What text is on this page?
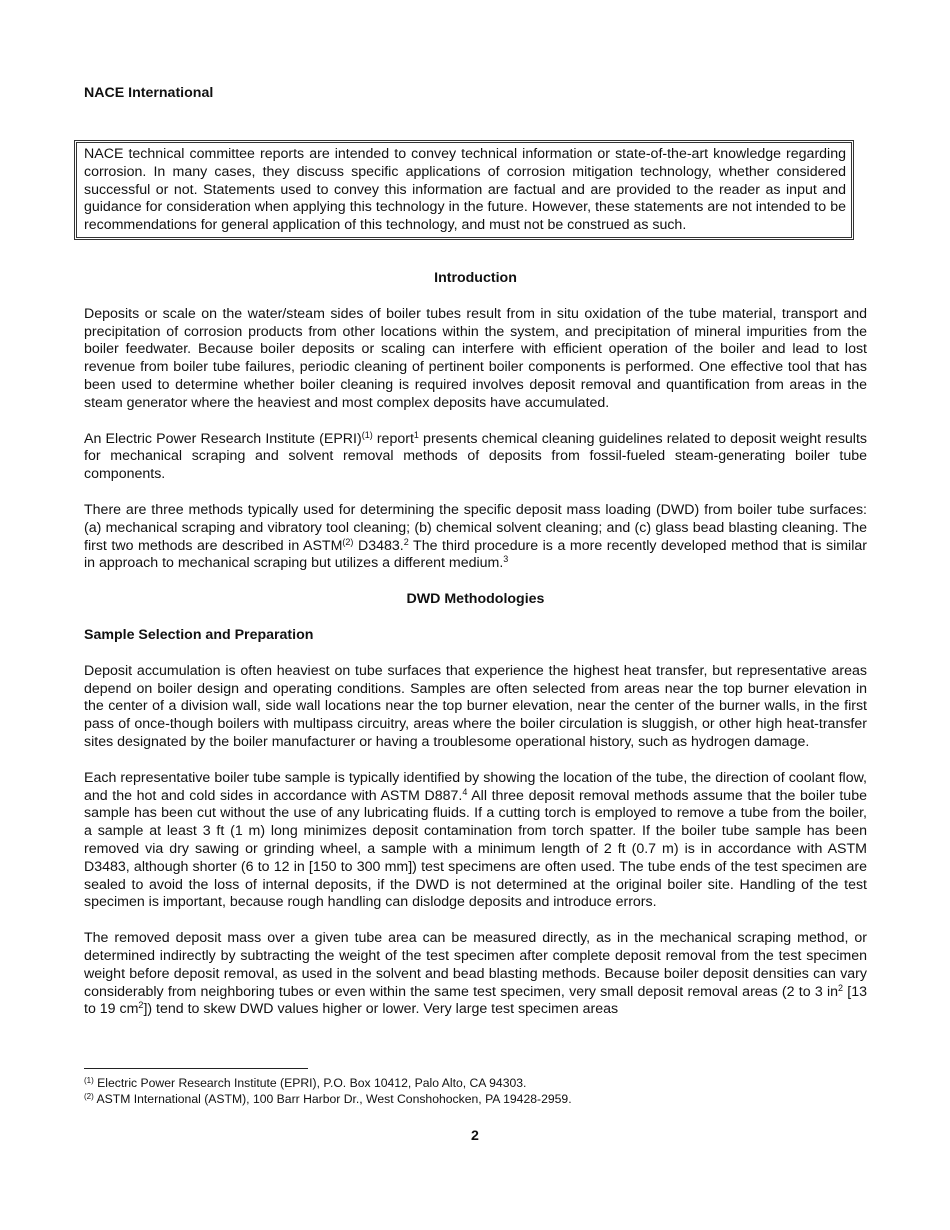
NACE International
NACE technical committee reports are intended to convey technical information or state-of-the-art knowledge regarding corrosion. In many cases, they discuss specific applications of corrosion mitigation technology, whether considered successful or not. Statements used to convey this information are factual and are provided to the reader as input and guidance for consideration when applying this technology in the future. However, these statements are not intended to be recommendations for general application of this technology, and must not be construed as such.
Introduction

Deposits or scale on the water/steam sides of boiler tubes result from in situ oxidation of the tube material, transport and precipitation of corrosion products from other locations within the system, and precipitation of mineral impurities from the boiler feedwater. Because boiler deposits or scaling can interfere with efficient operation of the boiler and lead to lost revenue from boiler tube failures, periodic cleaning of pertinent boiler components is performed. One effective tool that has been used to determine whether boiler cleaning is required involves deposit removal and quantification from areas in the steam generator where the heaviest and most complex deposits have accumulated.

An Electric Power Research Institute (EPRI)$^{(1)}$ report$^1$ presents chemical cleaning guidelines related to deposit weight results for mechanical scraping and solvent removal methods of deposits from fossil-fueled steam-generating boiler tube components.

There are three methods typically used for determining the specific deposit mass loading (DWD) from boiler tube surfaces: (a) mechanical scraping and vibratory tool cleaning; (b) chemical solvent cleaning; and (c) glass bead blasting cleaning. The first two methods are described in ASTM$^{(2)}$ D3483.$^2$ The third procedure is a more recently developed method that is similar in approach to mechanical scraping but utilizes a different medium.$^3$

DWD Methodologies
Sample Selection and Preparation

Deposit accumulation is often heaviest on tube surfaces that experience the highest heat transfer, but representative areas depend on boiler design and operating conditions. Samples are often selected from areas near the top burner elevation in the center of a division wall, side wall locations near the top burner elevation, near the center of the burner walls, in the first pass of once-though boilers with multipass circuitry, areas where the boiler circulation is sluggish, or other high heat-transfer sites designated by the boiler manufacturer or having a troublesome operational history, such as hydrogen damage.

Each representative boiler tube sample is typically identified by showing the location of the tube, the direction of coolant flow, and the hot and cold sides in accordance with ASTM D887.$^4$ All three deposit removal methods assume that the boiler tube sample has been cut without the use of any lubricating fluids. If a cutting torch is employed to remove a tube from the boiler, a sample at least 3 ft (1 m) long minimizes deposit contamination from torch spatter. If the boiler tube sample has been removed via dry sawing or grinding wheel, a sample with a minimum length of 2 ft (0.7 m) is in accordance with ASTM D3483, although shorter (6 to 12 in [150 to 300 mm]) test specimens are often used. The tube ends of the test specimen are sealed to avoid the loss of internal deposits, if the DWD is not determined at the original boiler site. Handling of the test specimen is important, because rough handling can dislodge deposits and introduce errors.

The removed deposit mass over a given tube area can be measured directly, as in the mechanical scraping method, or determined indirectly by subtracting the weight of the test specimen after complete deposit removal from the test specimen weight before deposit removal, as used in the solvent and bead blasting methods. Because boiler deposit densities can vary considerably from neighboring tubes or even within the same test specimen, very small deposit removal areas (2 to 3 $in^2$ [13 to 19 $cm^2$]) tend to skew DWD values higher or lower. Very large test specimen areas

$^{(1)}$ Electric Power Research Institute (EPRI), P.O. Box 10412, Palo Alto, CA 94303.
$^{(2)}$ ASTM International (ASTM), 100 Barr Harbor Dr., West Conshohocken, PA 19428-2959.
2
